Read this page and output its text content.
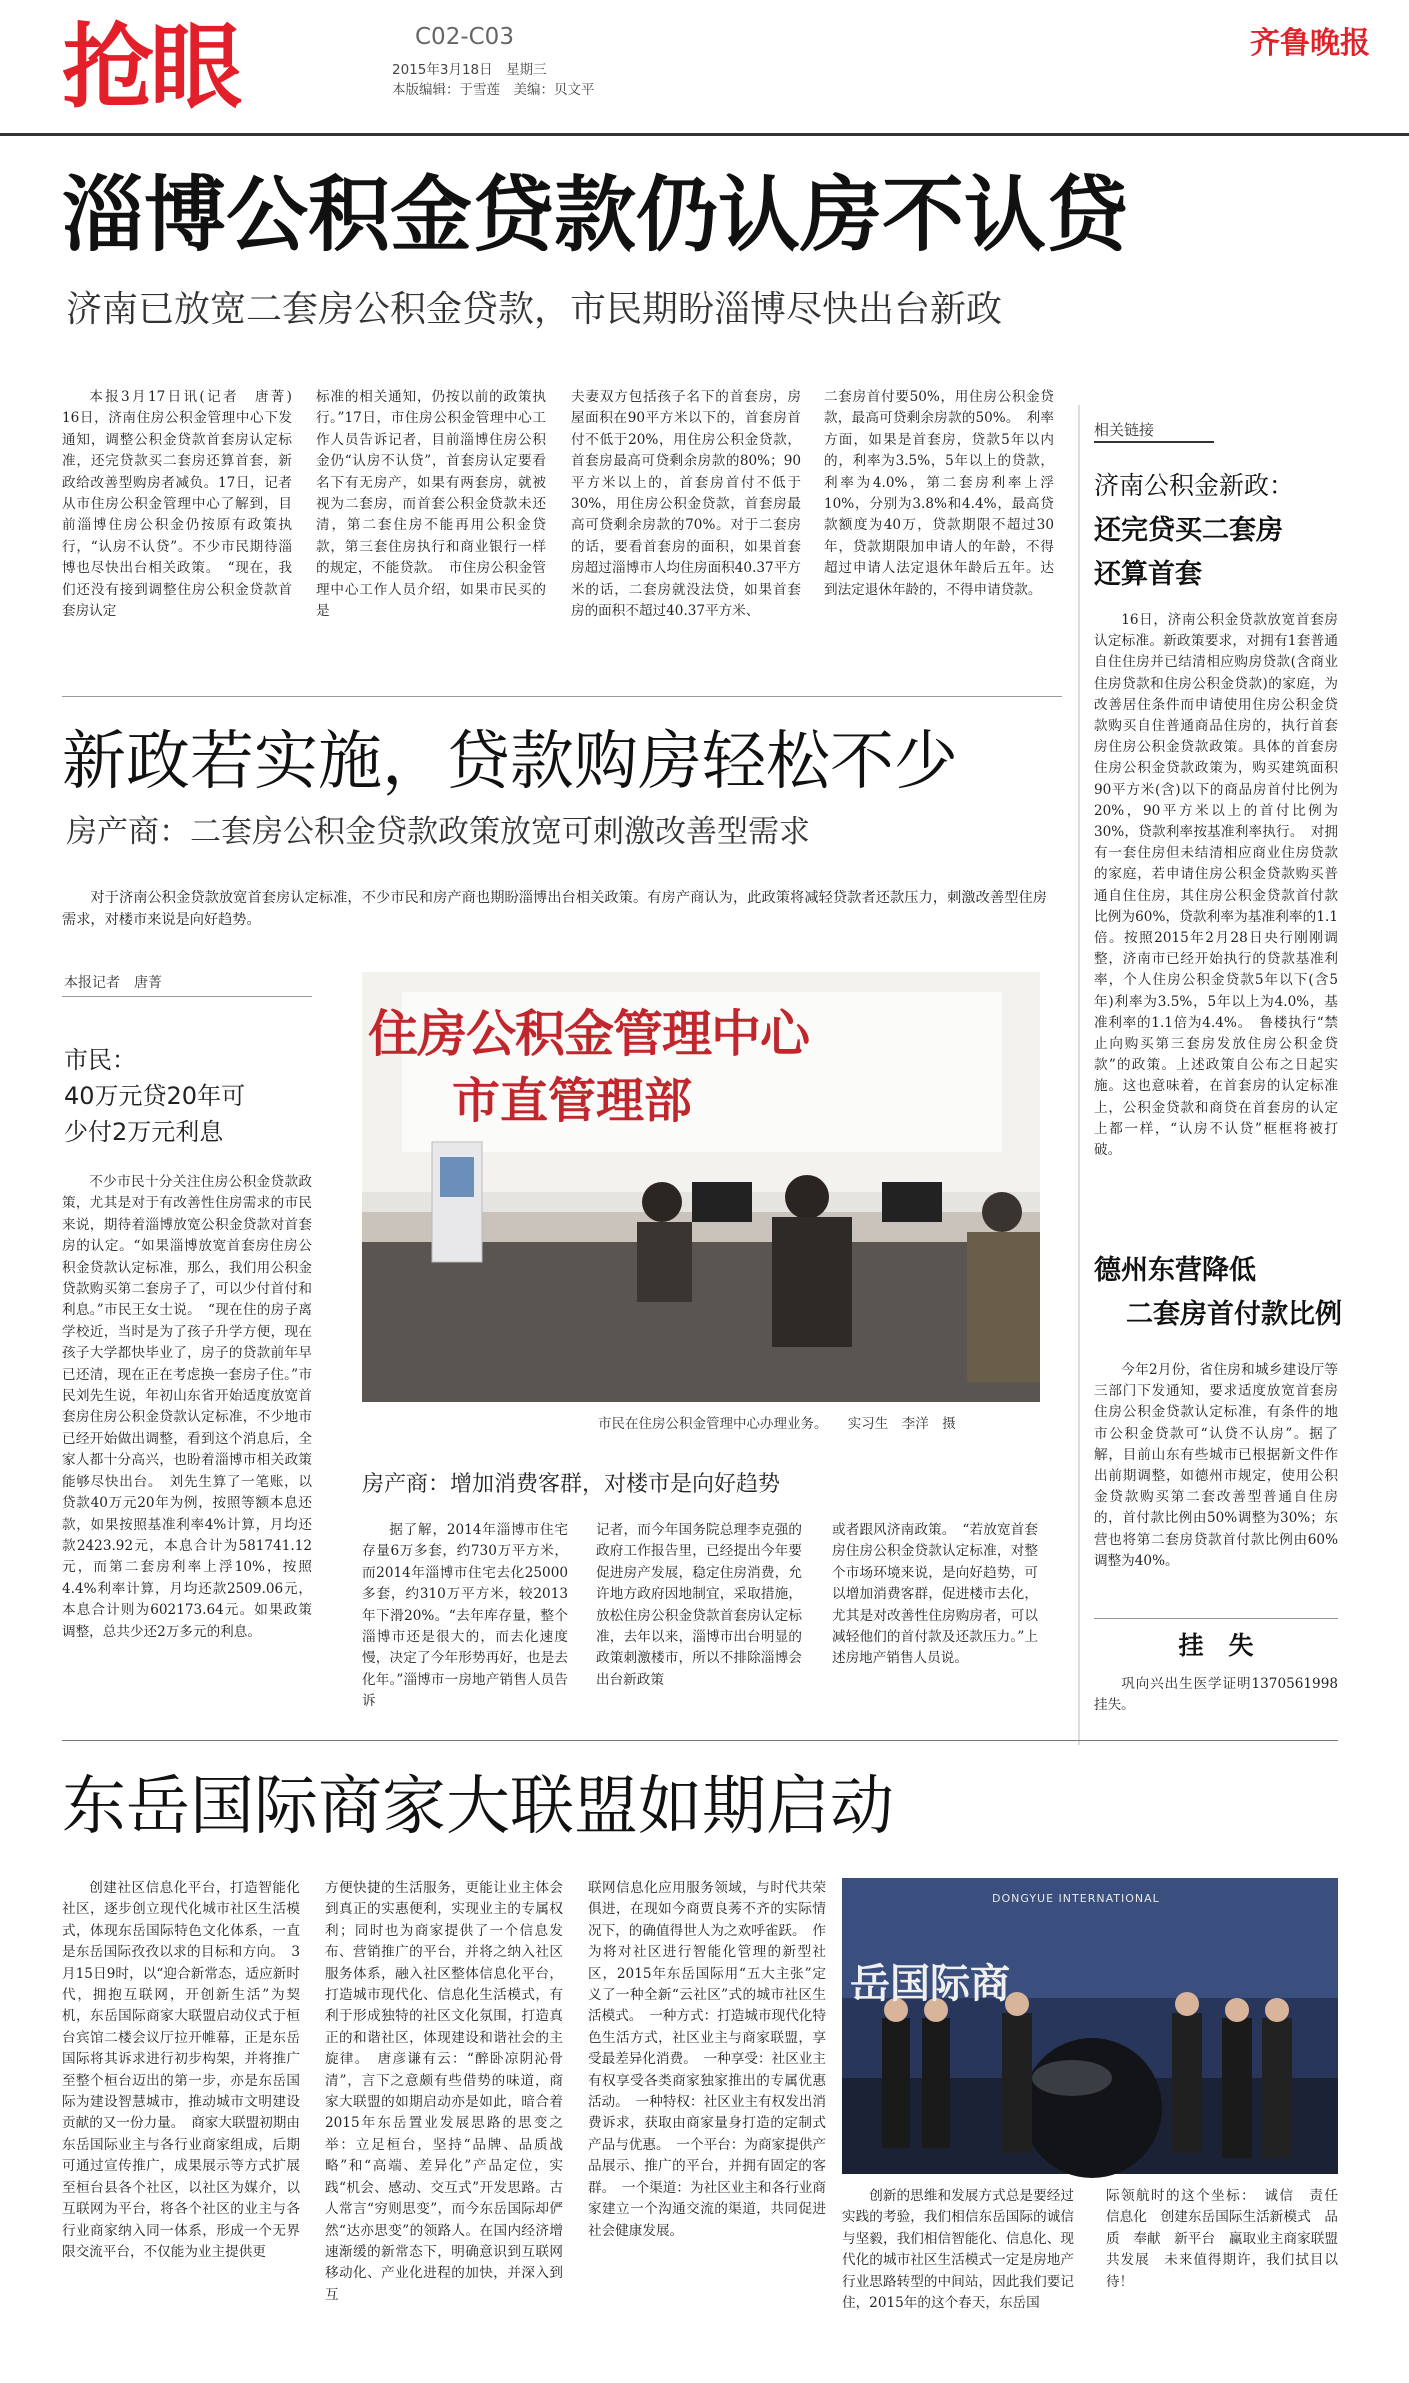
抢眼	C02-C03
2015年3月18日　星期三
本版编辑：于雪莲　美编：贝文平
齐鲁晚报
淄博公积金贷款仍认房不认贷
济南已放宽二套房公积金贷款，市民期盼淄博尽快出台新政

本报3月17日讯(记者　唐菁)　16日，济南住房公积金管理中心下发通知，调整公积金贷款首套房认定标准，还完贷款买二套房还算首套，新政给改善型购房者减负。17日，记者从市住房公积金管理中心了解到，目前淄博住房公积金仍按原有政策执行，“认房不认贷”。不少市民期待淄博也尽快出台相关政策。　“现在，我们还没有接到调整住房公积金贷款首套房认定

标准的相关通知，仍按以前的政策执行。”17日，市住房公积金管理中心工作人员告诉记者，目前淄博住房公积金仍“认房不认贷”，首套房认定要看名下有无房产，如果有两套房，就被视为二套房，而首套公积金贷款未还清，第二套住房不能再用公积金贷款，第三套住房执行和商业银行一样的规定，不能贷款。　市住房公积金管理中心工作人员介绍，如果市民买的是

夫妻双方包括孩子名下的首套房，房屋面积在90平方米以下的，首套房首付不低于20%，用住房公积金贷款，首套房最高可贷剩余房款的80%；90平方米以上的，首套房首付不低于30%，用住房公积金贷款，首套房最高可贷剩余房款的70%。对于二套房的话，要看首套房的面积，如果首套房超过淄博市人均住房面积40.37平方米的话，二套房就没法贷，如果首套房的面积不超过40.37平方米、

二套房首付要50%，用住房公积金贷款，最高可贷剩余房款的50%。　利率方面，如果是首套房，贷款5年以内的，利率为3.5%，5年以上的贷款，利率为4.0%，第二套房利率上浮10%，分别为3.8%和4.4%，最高贷款额度为40万，贷款期限不超过30年，贷款期限加申请人的年龄，不得超过申请人法定退休年龄后五年。达到法定退休年龄的，不得申请贷款。

相关链接
济南公积金新政：
还完贷买二套房
还算首套

16日，济南公积金贷款放宽首套房认定标准。新政策要求，对拥有1套普通自住住房并已结清相应购房贷款(含商业住房贷款和住房公积金贷款)的家庭，为改善居住条件而申请使用住房公积金贷款购买自住普通商品住房的，执行首套房住房公积金贷款政策。具体的首套房住房公积金贷款政策为，购买建筑面积90平方米(含)以下的商品房首付比例为20%，90平方米以上的首付比例为30%，贷款利率按基准利率执行。　对拥有一套住房但未结清相应商业住房贷款的家庭，若申请住房公积金贷款购买普通自住住房，其住房公积金贷款首付款比例为60%，贷款利率为基准利率的1.1倍。按照2015年2月28日央行刚刚调整，济南市已经开始执行的贷款基准利率，个人住房公积金贷款5年以下(含5年)利率为3.5%，5年以上为4.0%，基准利率的1.1倍为4.4%。　鲁楼执行“禁止向购买第三套房发放住房公积金贷款”的政策。上述政策自公布之日起实施。这也意味着，在首套房的认定标准上，公积金贷款和商贷在首套房的认定上都一样，“认房不认贷”框框将被打破。

德州东营降低
二套房首付款比例

今年2月份，省住房和城乡建设厅等三部门下发通知，要求适度放宽首套房住房公积金贷款认定标准，有条件的地市公积金贷款可“认贷不认房”。据了解，目前山东有些城市已根据新文件作出前期调整，如德州市规定，使用公积金贷款购买第二套改善型普通自住房的，首付款比例由50%调整为30%；东营也将第二套房贷款首付款比例由60%调整为40%。

挂　失

巩向兴出生医学证明1370561998挂失。

新政若实施，贷款购房轻松不少
房产商：二套房公积金贷款政策放宽可刺激改善型需求

对于济南公积金贷款放宽首套房认定标准，不少市民和房产商也期盼淄博出台相关政策。有房产商认为，此政策将减轻贷款者还款压力，刺激改善型住房需求，对楼市来说是向好趋势。

本报记者　唐菁
市民：
40万元贷20年可
少付2万元利息

不少市民十分关注住房公积金贷款政策，尤其是对于有改善性住房需求的市民来说，期待着淄博放宽公积金贷款对首套房的认定。“如果淄博放宽首套房住房公积金贷款认定标准，那么，我们用公积金贷款购买第二套房子了，可以少付首付和利息。”市民王女士说。　“现在住的房子离学校近，当时是为了孩子升学方便，现在孩子大学都快毕业了，房子的贷款前年早已还清，现在正在考虑换一套房子住。”市民刘先生说，年初山东省开始适度放宽首套房住房公积金贷款认定标准，不少地市已经开始做出调整，看到这个消息后，全家人都十分高兴，也盼着淄博市相关政策能够尽快出台。　刘先生算了一笔账，以贷款40万元20年为例，按照等额本息还款，如果按照基准利率4%计算，月均还款2423.92元，本息合计为581741.12元，而第二套房利率上浮10%，按照4.4%利率计算，月均还款2509.06元，本息合计则为602173.64元。如果政策调整，总共少还2万多元的利息。

住房公积金管理中心
市直管理部
市民在住房公积金管理中心办理业务。　　实习生　李洋　摄
房产商：增加消费客群，对楼市是向好趋势

据了解，2014年淄博市住宅存量6万多套，约730万平方米，而2014年淄博市住宅去化25000多套，约310万平方米，较2013年下滑20%。“去年库存量，整个淄博市还是很大的，而去化速度慢，决定了今年形势再好，也是去化年。”淄博市一房地产销售人员告诉

记者，而今年国务院总理李克强的政府工作报告里，已经提出今年要促进房产发展，稳定住房消费，允许地方政府因地制宜，采取措施，放松住房公积金贷款首套房认定标准，去年以来，淄博市出台明显的政策刺激楼市，所以不排除淄博会出台新政策

或者跟风济南政策。　“若放宽首套房住房公积金贷款认定标准，对整个市场环境来说，是向好趋势，可以增加消费客群，促进楼市去化，尤其是对改善性住房购房者，可以减轻他们的首付款及还款压力。”上述房地产销售人员说。

东岳国际商家大联盟如期启动

创建社区信息化平台，打造智能化社区，逐步创立现代化城市社区生活模式，体现东岳国际特色文化体系，一直是东岳国际孜孜以求的目标和方向。　3月15日9时，以“迎合新常态，适应新时代，拥抱互联网，开创新生活”为契机，东岳国际商家大联盟启动仪式于桓台宾馆二楼会议厅拉开帷幕，正是东岳国际将其诉求进行初步构架，并将推广至整个桓台迈出的第一步，亦是东岳国际为建设智慧城市，推动城市文明建设贡献的又一份力量。　商家大联盟初期由东岳国际业主与各行业商家组成，后期可通过宣传推广，成果展示等方式扩展至桓台县各个社区，以社区为媒介，以互联网为平台，将各个社区的业主与各行业商家纳入同一体系，形成一个无界限交流平台，不仅能为业主提供更

方便快捷的生活服务，更能让业主体会到真正的实惠便利，实现业主的专属权利；同时也为商家提供了一个信息发布、营销推广的平台，并将之纳入社区服务体系，融入社区整体信息化平台，打造城市现代化、信息化生活模式，有利于形成独特的社区文化氛围，打造真正的和谐社区，体现建设和谐社会的主旋律。　唐彦谦有云：“醉卧凉阴沁骨清”，言下之意颇有些借势的味道，商家大联盟的如期启动亦是如此，暗合着2015年东岳置业发展思路的思变之举：立足桓台，坚持“品牌、品质战略”和“高端、差异化”产品定位，实践“机会、感动、交互式”开发思路。古人常言“穷则思变”，而今东岳国际却俨然“达亦思变”的领路人。在国内经济增速渐缓的新常态下，明确意识到互联网移动化、产业化进程的加快，并深入到互

联网信息化应用服务领域，与时代共荣俱进，在现如今商贾良莠不齐的实际情况下，的确值得世人为之欢呼雀跃。　作为将对社区进行智能化管理的新型社区，2015年东岳国际用“五大主张”定义了一种全新“云社区”式的城市社区生活模式。　一种方式：打造城市现代化特色生活方式，社区业主与商家联盟，享受最差异化消费。　一种享受：社区业主有权享受各类商家独家推出的专属优惠活动。　一种特权：社区业主有权发出消费诉求，获取由商家量身打造的定制式产品与优惠。　一个平台：为商家提供产品展示、推广的平台，并拥有固定的客群。　一个渠道：为社区业主和各行业商家建立一个沟通交流的渠道，共同促进社会健康发展。

DONGYUE INTERNATIONAL
岳国际商

创新的思维和发展方式总是要经过实践的考验，我们相信东岳国际的诚信与坚毅，我们相信智能化、信息化、现代化的城市社区生活模式一定是房地产行业思路转型的中间站，因此我们要记住，2015年的这个春天，东岳国

际领航时的这个坐标：　诚信　责任　信息化　创建东岳国际生活新模式　品质　奉献　新平台　赢取业主商家联盟共发展　未来值得期许，我们拭目以待！
